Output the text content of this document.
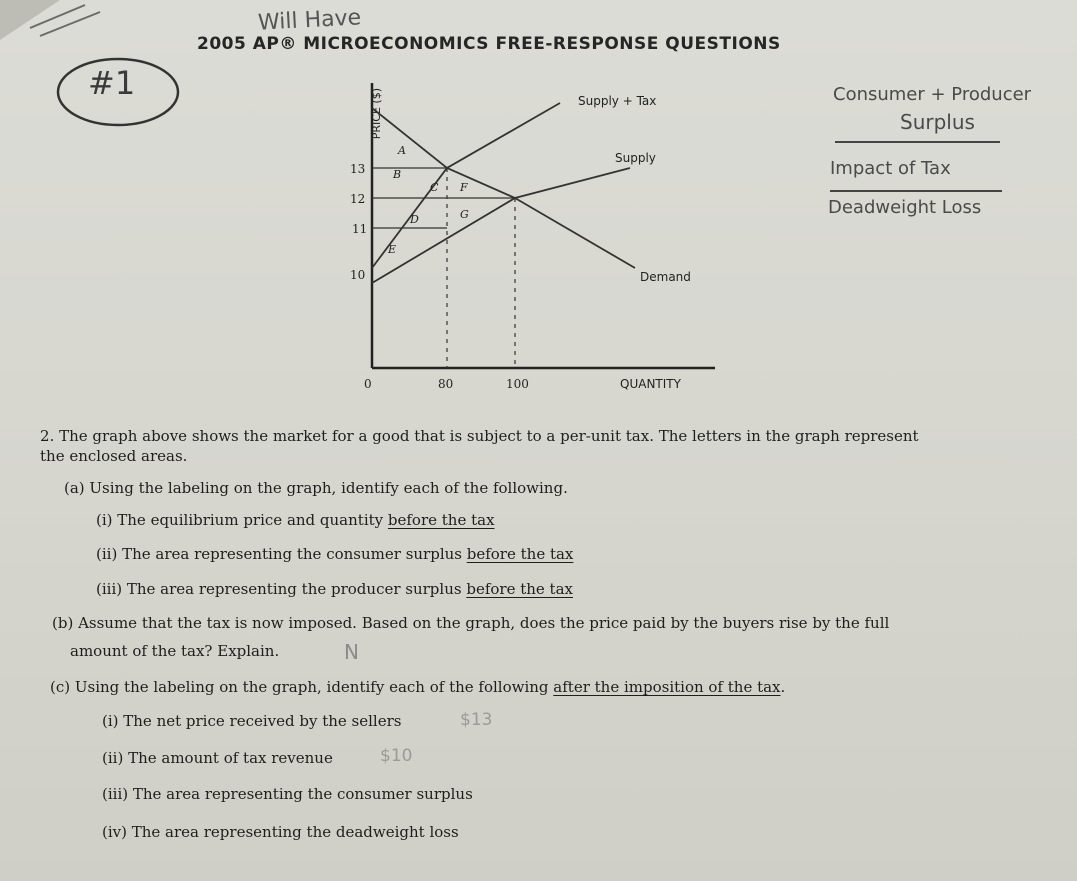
Will Have
2005 AP® MICROECONOMICS FREE-RESPONSE QUESTIONS
#1	Consumer + Producer
Surplus
Impact of Tax
Deadweight Loss
PRICE ($)	Supply + Tax
Supply
Demand
13
12
11
10
0	80	100	QUANTITY
A
B
C F
D	G
E
2. The graph above shows the market for a good that is subject to a per-unit tax. The letters in the graph represent
the enclosed areas.
(a) Using the labeling on the graph, identify each of the following.
(i) The equilibrium price and quantity before the tax
(ii) The area representing the consumer surplus before the tax
(iii) The area representing the producer surplus before the tax
(b) Assume that the tax is now imposed. Based on the graph, does the price paid by the buyers rise by the full
amount of the tax? Explain.	N
(c) Using the labeling on the graph, identify each of the following after the imposition of the tax.
(i) The net price received by the sellers	$13
(ii) The amount of tax revenue	$10
(iii) The area representing the consumer surplus
(iv) The area representing the deadweight loss
